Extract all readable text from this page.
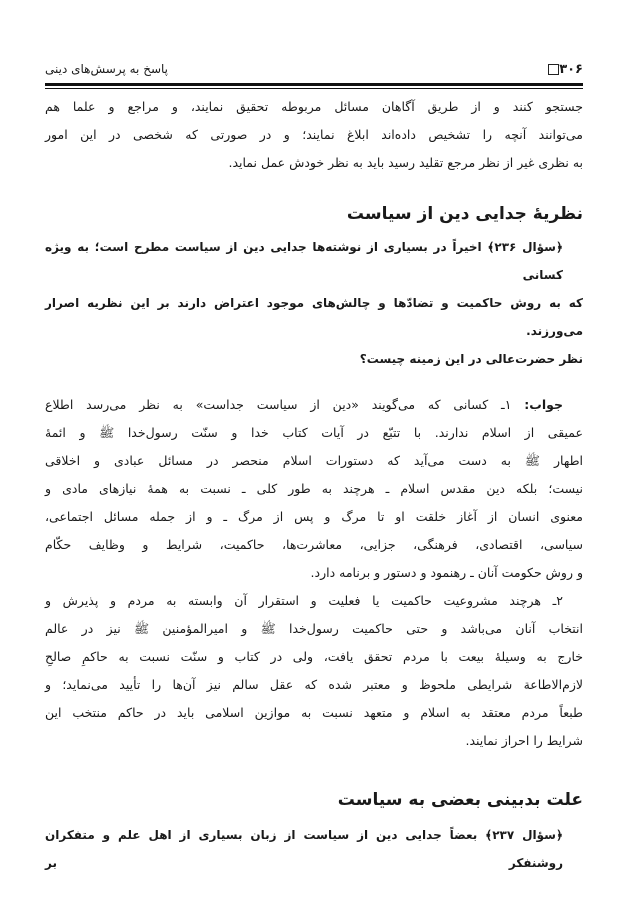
۳۰۶
پاسخ به پرسش‌های دینی
جستجو کنند و از طریق آگاهان مسائل مربوطه تحقیق نمایند، و مراجع و علما هم
می‌توانند آنچه را تشخیص داده‌اند ابلاغ نمایند؛ و در صورتی که شخصی در این امور
به نظری غیر از نظر مرجع تقلید رسید باید به نظر خودش عمل نماید.
نظریهٔ جدایی دین از سیاست
﴿سؤال ۲۳۶﴾ اخیراً در بسیاری از نوشته‌ها جدایی دین از سیاست مطرح است؛ به ویژه کسانی
که به روش حاکمیت و تضادّها و چالش‌های موجود اعتراض دارند بر این نظریه اصرار می‌ورزند.
نظر حضرت‌عالی در این زمینه چیست؟
جواب: ۱ـ کسانی که می‌گویند «دین از سیاست جداست» به نظر می‌رسد اطلاع
عمیقی از اسلام ندارند. با تتبّع در آیات کتاب خدا و سنّت رسول‌خدا ﷺ و ائمهٔ
اطهار ﷺ به دست می‌آید که دستورات اسلام منحصر در مسائل عبادی و اخلاقی
نیست؛ بلکه دین مقدس اسلام ـ هرچند به طور کلی ـ نسبت به همهٔ نیازهای مادی و
معنوی انسان از آغاز خلقت او تا مرگ و پس از مرگ ـ و از جمله مسائل اجتماعی،
سیاسی، اقتصادی، فرهنگی، جزایی، معاشرت‌ها، حاکمیت، شرایط و وظایف حکّام
و روش حکومت آنان ـ رهنمود و دستور و برنامه دارد.
۲ـ هرچند مشروعیت حاکمیت یا فعلیت و استقرار آن وابسته به مردم و پذیرش و
انتخاب آنان می‌باشد و حتی حاکمیت رسول‌خدا ﷺ و امیرالمؤمنین ﷺ نیز در عالم
خارج به وسیلهٔ بیعت با مردم تحقق یافت، ولی در کتاب و سنّت نسبت به حاکمِ صالحِ
لازم‌الاطاعة شرایطی ملحوظ و معتبر شده که عقل سالم نیز آن‌ها را تأیید می‌نماید؛ و
طبعاً مردم معتقد به اسلام و متعهد نسبت به موازین اسلامی باید در حاکم منتخب این
شرایط را احراز نمایند.
علت بدبینی بعضی به سیاست
﴿سؤال ۲۳۷﴾ بعضاً جدایی دین از سیاست از زبان بسیاری از اهل علم و متفکران روشنفکر بر
